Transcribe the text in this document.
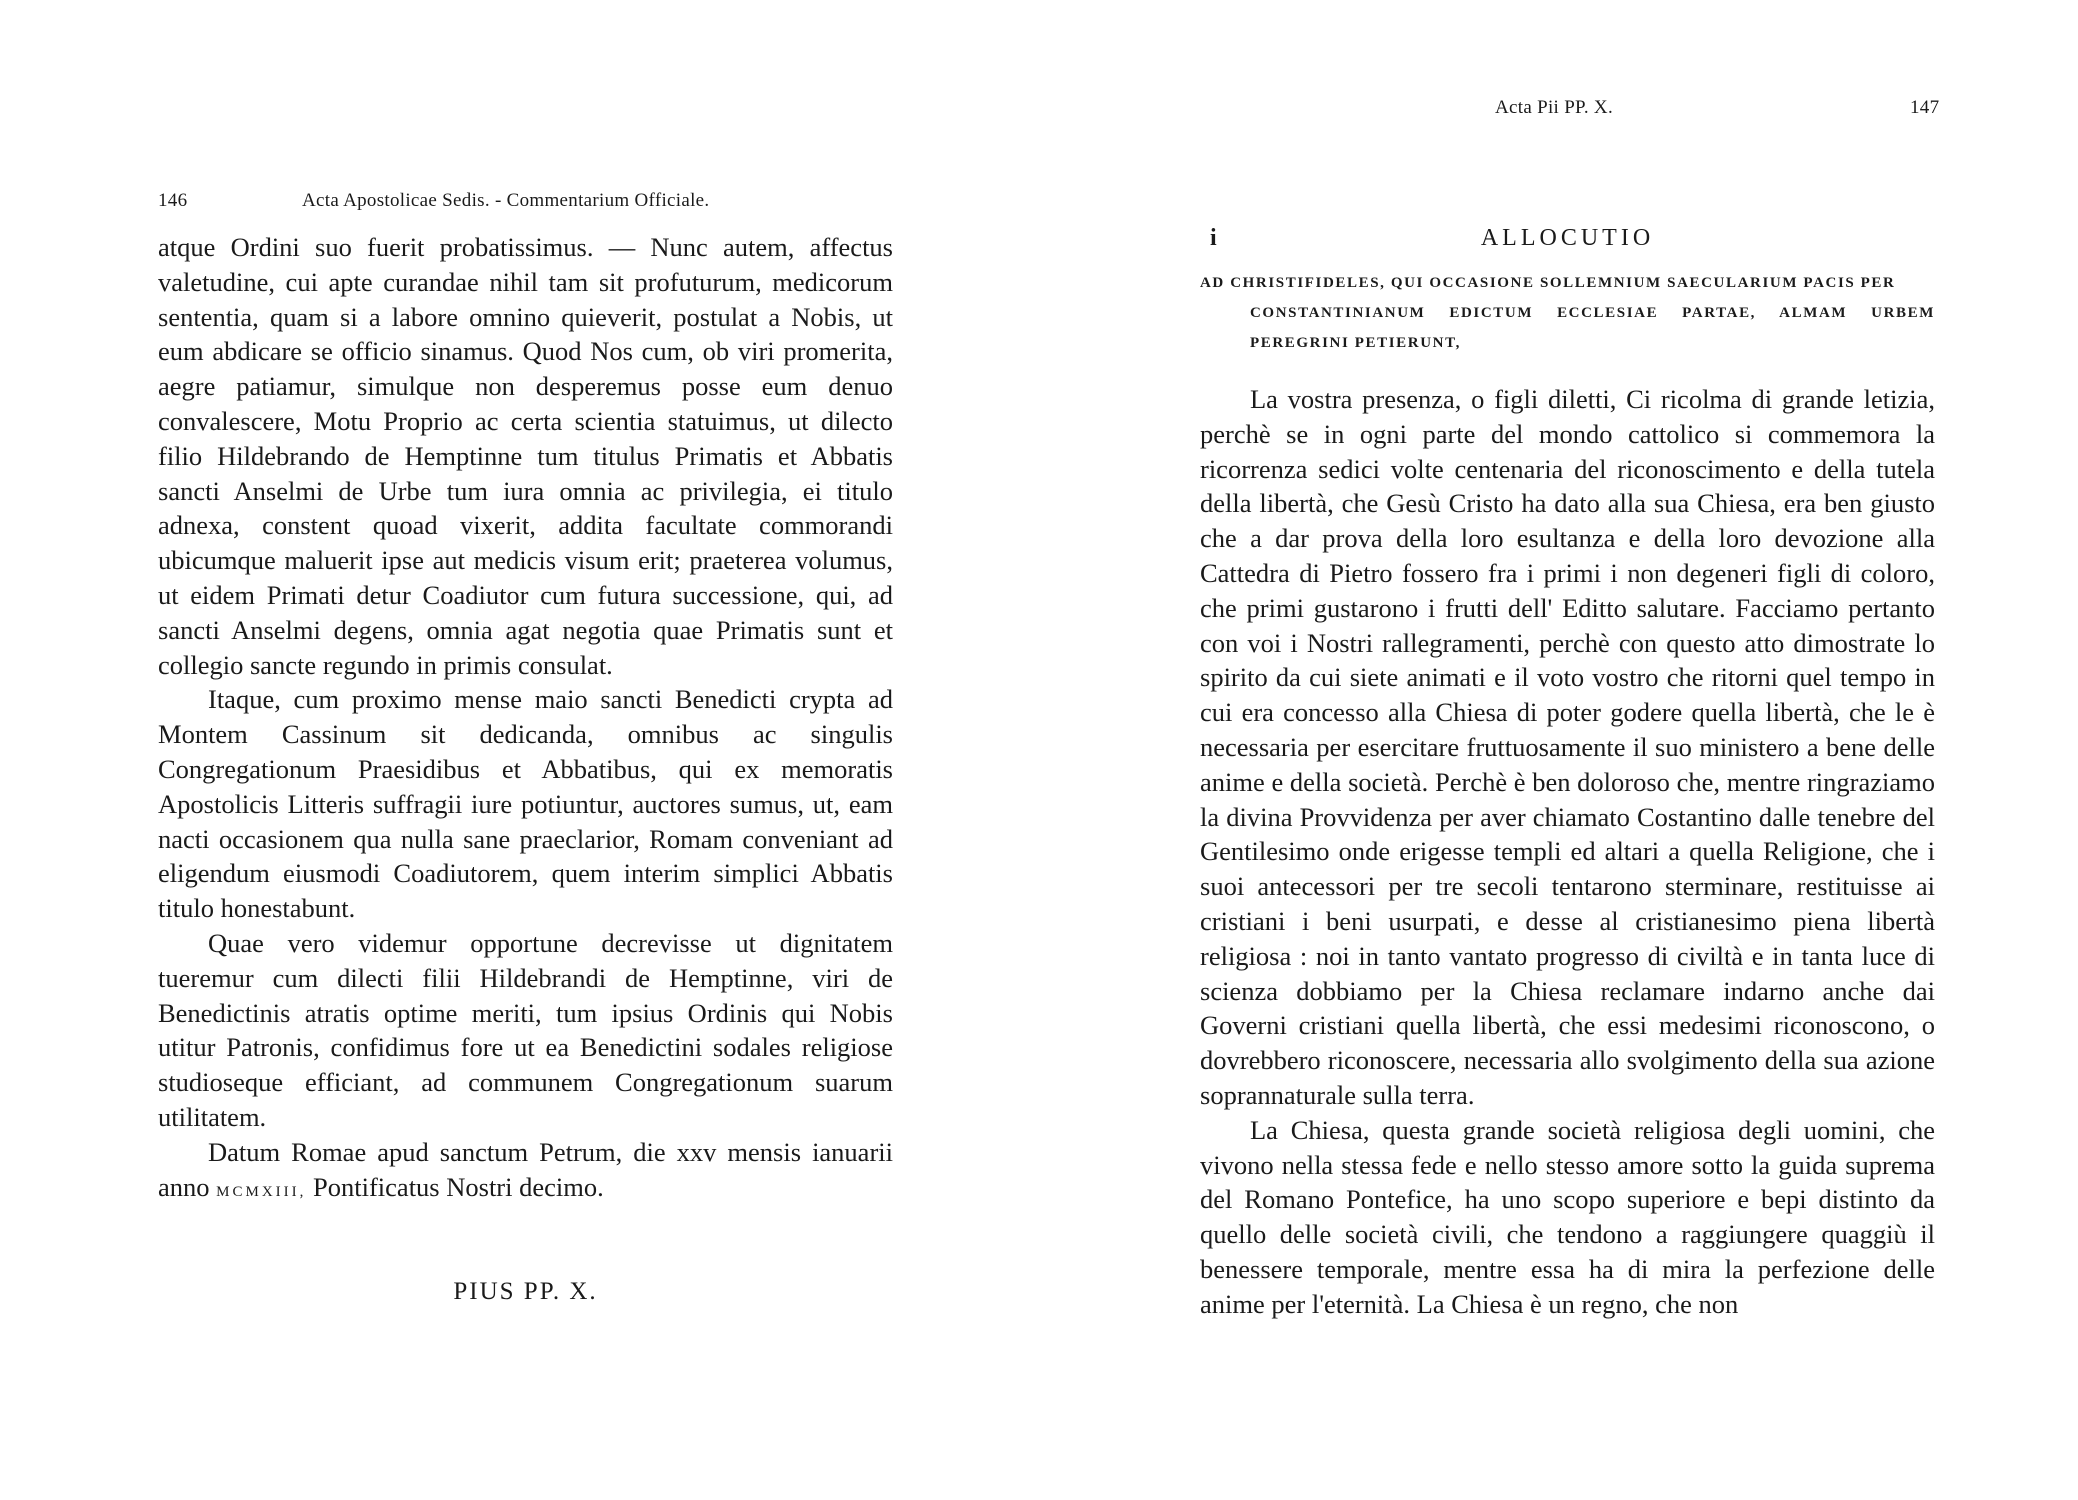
146	Acta Apostolicae Sedis. - Commentarium Officiale.

atque Ordini suo fuerit probatissimus. — Nunc autem, affectus valetudine, cui apte curandae nihil tam sit profuturum, medicorum sententia, quam si a labore omnino quieverit, postulat a Nobis, ut eum abdicare se officio sinamus. Quod Nos cum, ob viri promerita, aegre patiamur, simulque non desperemus posse eum denuo convalescere, Motu Proprio ac certa scientia statuimus, ut dilecto filio Hildebrando de Hemptinne tum titulus Primatis et Abbatis sancti Anselmi de Urbe tum iura omnia ac privilegia, ei titulo adnexa, constent quoad vixerit, addita facultate commorandi ubicumque maluerit ipse aut medicis visum erit; praeterea volumus, ut eidem Primati detur Coadiutor cum futura successione, qui, ad sancti Anselmi degens, omnia agat negotia quae Primatis sunt et collegio sancte regundo in primis consulat.

Itaque, cum proximo mense maio sancti Benedicti crypta ad Montem Cassinum sit dedicanda, omnibus ac singulis Congregationum Praesidibus et Abbatibus, qui ex memoratis Apostolicis Litteris suffragii iure potiuntur, auctores sumus, ut, eam nacti occasionem qua nulla sane praeclarior, Romam conveniant ad eligendum eiusmodi Coadiutorem, quem interim simplici Abbatis titulo honestabunt.

Quae vero videmur opportune decrevisse ut dignitatem tueremur cum dilecti filii Hildebrandi de Hemptinne, viri de Benedictinis atratis optime meriti, tum ipsius Ordinis qui Nobis utitur Patronis, confidimus fore ut ea Benedictini sodales religiose studioseque efficiant, ad communem Congregationum suarum utilitatem.

Datum Romae apud sanctum Petrum, die xxv mensis ianuarii anno MCMXIII, Pontificatus Nostri decimo.

PIUS PP. X.
Acta Pii PP. X.	147
ALLOCUTIO
i
AD CHRISTIFIDELES, QUI OCCASIONE SOLLEMNIUM SAECULARIUM PACIS PER
CONSTANTINIANUM EDICTUM ECCLESIAE PARTAE, ALMAM URBEM PEREGRINI PETIERUNT,

La vostra presenza, o figli diletti, Ci ricolma di grande letizia, perchè se in ogni parte del mondo cattolico si commemora la ricorrenza sedici volte centenaria del riconoscimento e della tutela della libertà, che Gesù Cristo ha dato alla sua Chiesa, era ben giusto che a dar prova della loro esultanza e della loro devozione alla Cattedra di Pietro fossero fra i primi i non degeneri figli di coloro, che primi gustarono i frutti dell' Editto salutare. Facciamo pertanto con voi i Nostri rallegramenti, perchè con questo atto dimostrate lo spirito da cui siete animati e il voto vostro che ritorni quel tempo in cui era concesso alla Chiesa di poter godere quella libertà, che le è necessaria per esercitare fruttuosamente il suo ministero a bene delle anime e della società. Perchè è ben doloroso che, mentre ringraziamo la divina Provvidenza per aver chiamato Costantino dalle tenebre del Gentilesimo onde erigesse templi ed altari a quella Religione, che i suoi antecessori per tre secoli tentarono sterminare, restituisse ai cristiani i beni usurpati, e desse al cristianesimo piena libertà religiosa : noi in tanto vantato progresso di civiltà e in tanta luce di scienza dobbiamo per la Chiesa reclamare indarno anche dai Governi cristiani quella libertà, che essi medesimi riconoscono, o dovrebbero riconoscere, necessaria allo svolgimento della sua azione soprannaturale sulla terra.

La Chiesa, questa grande società religiosa degli uomini, che vivono nella stessa fede e nello stesso amore sotto la guida suprema del Romano Pontefice, ha uno scopo superiore e bepi distinto da quello delle società civili, che tendono a raggiungere quaggiù il benessere temporale, mentre essa ha di mira la perfezione delle anime per l'eternità. La Chiesa è un regno, che non
